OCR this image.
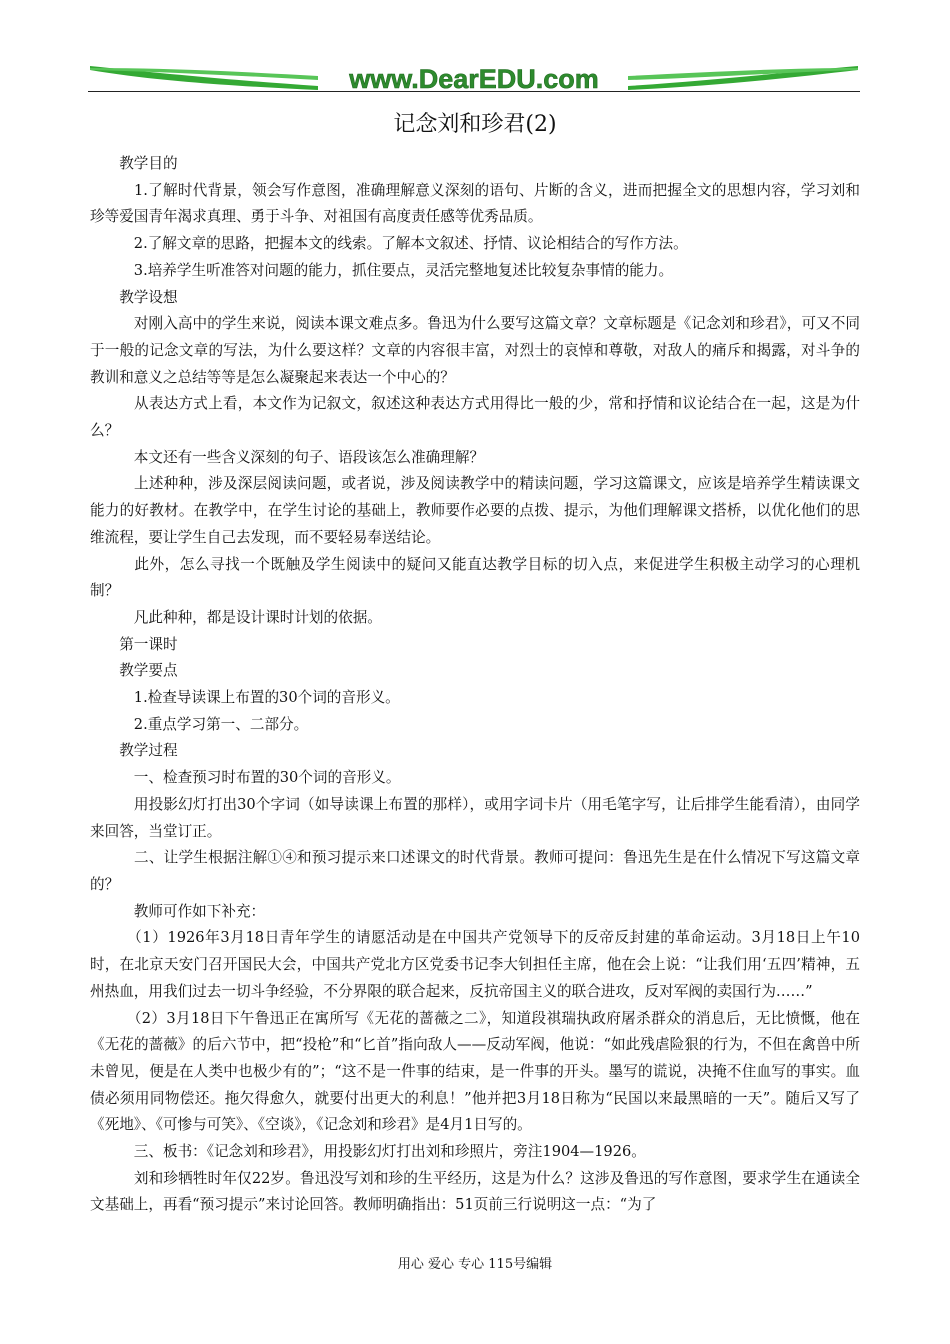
www.DearEDU.com
记念刘和珍君(2)

教学目的

　1.了解时代背景，领会写作意图，准确理解意义深刻的语句、片断的含义，进而把握全文的思想内容，学习刘和珍等爱国青年渴求真理、勇于斗争、对祖国有高度责任感等优秀品质。

　2.了解文章的思路，把握本文的线索。了解本文叙述、抒情、议论相结合的写作方法。

　3.培养学生听准答对问题的能力，抓住要点，灵活完整地复述比较复杂事情的能力。

教学设想

　对刚入高中的学生来说，阅读本课文难点多。鲁迅为什么要写这篇文章？文章标题是《记念刘和珍君》，可又不同于一般的记念文章的写法，为什么要这样？文章的内容很丰富，对烈士的哀悼和尊敬，对敌人的痛斥和揭露，对斗争的教训和意义之总结等等是怎么凝聚起来表达一个中心的？

　从表达方式上看，本文作为记叙文，叙述这种表达方式用得比一般的少，常和抒情和议论结合在一起，这是为什么？

　本文还有一些含义深刻的句子、语段该怎么准确理解？

　上述种种，涉及深层阅读问题，或者说，涉及阅读教学中的精读问题，学习这篇课文，应该是培养学生精读课文能力的好教材。在教学中，在学生讨论的基础上，教师要作必要的点拨、提示，为他们理解课文搭桥，以优化他们的思维流程，要让学生自己去发现，而不要轻易奉送结论。

　此外，怎么寻找一个既触及学生阅读中的疑问又能直达教学目标的切入点，来促进学生积极主动学习的心理机制？

　凡此种种，都是设计课时计划的依据。

第一课时

教学要点

　1.检查导读课上布置的30个词的音形义。

　2.重点学习第一、二部分。

教学过程

　一、检查预习时布置的30个词的音形义。

　用投影幻灯打出30个字词（如导读课上布置的那样），或用字词卡片（用毛笔字写，让后排学生能看清），由同学来回答，当堂订正。

　二、让学生根据注解①④和预习提示来口述课文的时代背景。教师可提问：鲁迅先生是在什么情况下写这篇文章的？

　教师可作如下补充：

　（1）1926年3月18日青年学生的请愿活动是在中国共产党领导下的反帝反封建的革命运动。3月18日上午10时，在北京天安门召开国民大会，中国共产党北方区党委书记李大钊担任主席，他在会上说：“让我们用‘五四’精神，五州热血，用我们过去一切斗争经验，不分界限的联合起来，反抗帝国主义的联合进攻，反对军阀的卖国行为……”

　（2）3月18日下午鲁迅正在寓所写《无花的蔷薇之二》，知道段祺瑞执政府屠杀群众的消息后，无比愤慨，他在《无花的蔷薇》的后六节中，把“投枪”和“匕首”指向敌人——反动军阀，他说：“如此残虐险狠的行为，不但在禽兽中所未曾见，便是在人类中也极少有的”；“这不是一件事的结束，是一件事的开头。墨写的谎说，决掩不住血写的事实。血债必须用同物偿还。拖欠得愈久，就要付出更大的利息！”他并把3月18日称为“民国以来最黑暗的一天”。随后又写了《死地》、《可惨与可笑》、《空谈》，《记念刘和珍君》是4月1日写的。

　三、板书：《记念刘和珍君》，用投影幻灯打出刘和珍照片，旁注1904—1926。

　刘和珍牺牲时年仅22岁。鲁迅没写刘和珍的生平经历，这是为什么？这涉及鲁迅的写作意图，要求学生在通读全文基础上，再看“预习提示”来讨论回答。教师明确指出：51页前三行说明这一点：“为了

用心 爱心 专心 115号编辑
